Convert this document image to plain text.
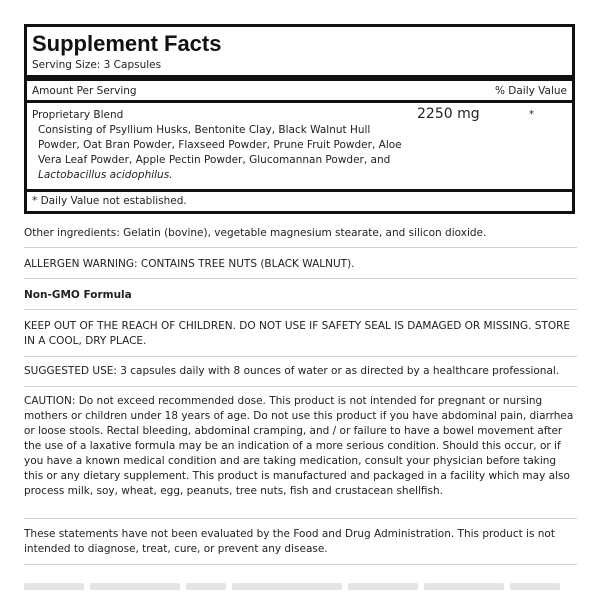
Supplement Facts
Serving Size: 3 Capsules
Amount Per Serving	% Daily Value
Proprietary Blend
Consisting of Psyllium Husks, Bentonite Clay, Black Walnut Hull Powder, Oat Bran Powder, Flaxseed Powder, Prune Fruit Powder, Aloe Vera Leaf Powder, Apple Pectin Powder, Glucomannan Powder, and Lactobacillus acidophilus.
2250 mg	*
* Daily Value not established.
Other ingredients: Gelatin (bovine), vegetable magnesium stearate, and silicon dioxide.
ALLERGEN WARNING: CONTAINS TREE NUTS (BLACK WALNUT).
Non-GMO Formula
KEEP OUT OF THE REACH OF CHILDREN. DO NOT USE IF SAFETY SEAL IS DAMAGED OR MISSING. STORE IN A COOL, DRY PLACE.
SUGGESTED USE: 3 capsules daily with 8 ounces of water or as directed by a healthcare professional.
CAUTION: Do not exceed recommended dose. This product is not intended for pregnant or nursing mothers or children under 18 years of age. Do not use this product if you have abdominal pain, diarrhea or loose stools. Rectal bleeding, abdominal cramping, and / or failure to have a bowel movement after the use of a laxative formula may be an indication of a more serious condition. Should this occur, or if you have a known medical condition and are taking medication, consult your physician before taking this or any dietary supplement. This product is manufactured and packaged in a facility which may also process milk, soy, wheat, egg, peanuts, tree nuts, fish and crustacean shellfish.
These statements have not been evaluated by the Food and Drug Administration. This product is not intended to diagnose, treat, cure, or prevent any disease.
